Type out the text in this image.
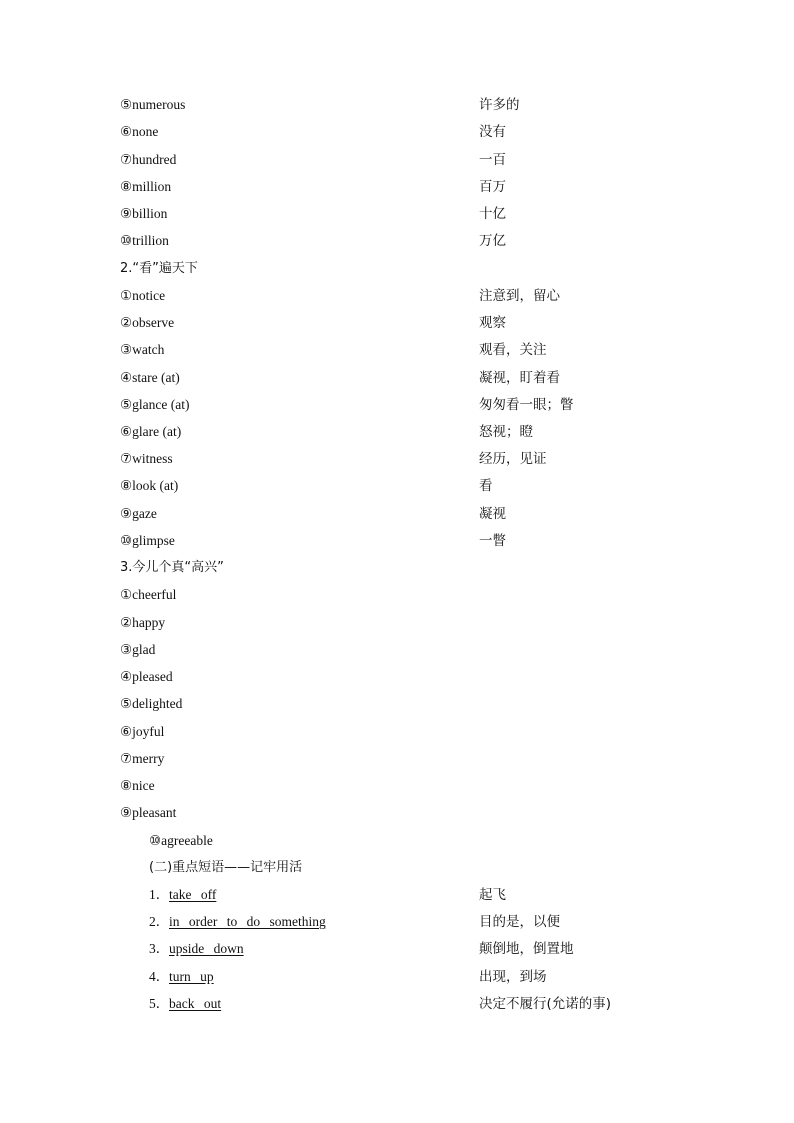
⑤numerous	许多的
⑥none	没有
⑦hundred	一百
⑧million	百万
⑨billion	十亿
⑩trillion	万亿
2.“看”遍天下
①notice	注意到，留心
②observe	观察
③watch	观看，关注
④stare (at)	凝视，盯着看
⑤glance (at)	匆匆看一眼；瞥
⑥glare (at)	怒视；瞪
⑦witness	经历，见证
⑧look (at)	看
⑨gaze	凝视
⑩glimpse	一瞥
3.今儿个真“高兴”
①cheerful
②happy
③glad
④pleased
⑤delighted
⑥joyful
⑦merry
⑧nice
⑨pleasant
⑩agreeable
(二)重点短语——记牢用活
1． take off	起飞
2． in order to do something	目的是，以便
3． upside down	颠倒地，倒置地
4． turn up	出现，到场
5． back out	决定不履行(允诺的事)
